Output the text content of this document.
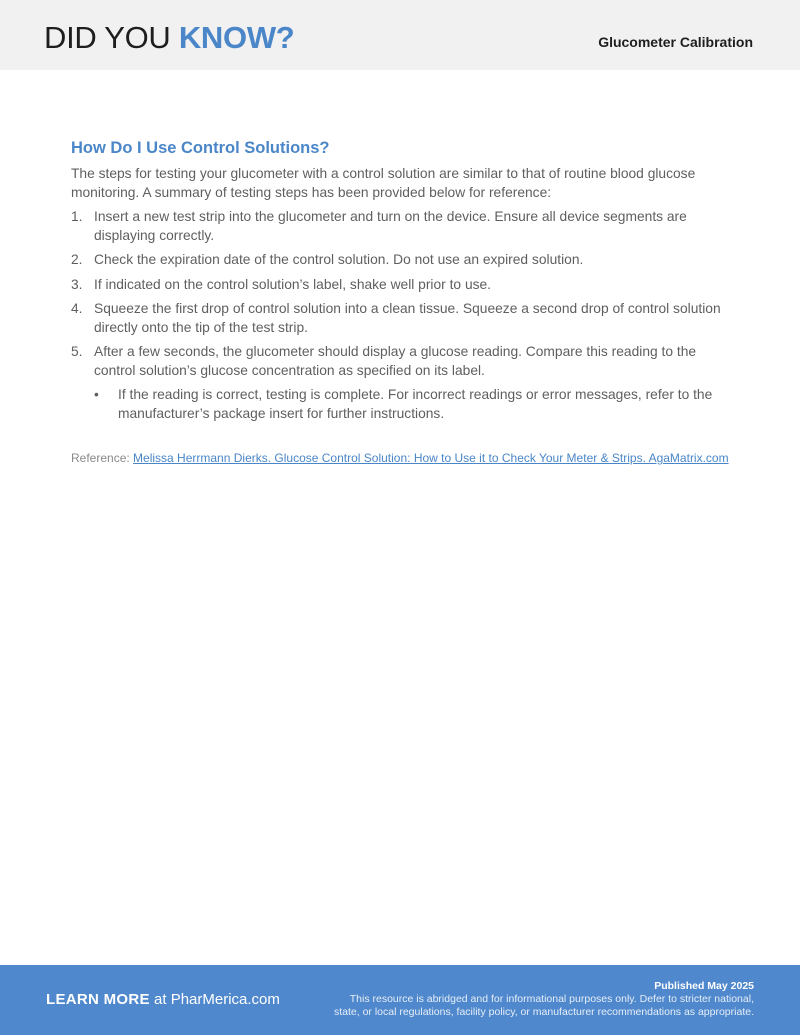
DID YOU KNOW?	Glucometer Calibration
How Do I Use Control Solutions?

The steps for testing your glucometer with a control solution are similar to that of routine blood glucose monitoring. A summary of testing steps has been provided below for reference:

1. Insert a new test strip into the glucometer and turn on the device. Ensure all device segments are displaying correctly.
2. Check the expiration date of the control solution. Do not use an expired solution.
3. If indicated on the control solution’s label, shake well prior to use.
4. Squeeze the first drop of control solution into a clean tissue. Squeeze a second drop of control solution directly onto the tip of the test strip.
5. After a few seconds, the glucometer should display a glucose reading. Compare this reading to the control solution’s glucose concentration as specified on its label.
• If the reading is correct, testing is complete. For incorrect readings or error messages, refer to the manufacturer’s package insert for further instructions.
Reference: Melissa Herrmann Dierks. Glucose Control Solution: How to Use it to Check Your Meter & Strips. AgaMatrix.com
LEARN MORE at PharMerica.com
Published May 2025
This resource is abridged and for informational purposes only. Defer to stricter national,
state, or local regulations, facility policy, or manufacturer recommendations as appropriate.
